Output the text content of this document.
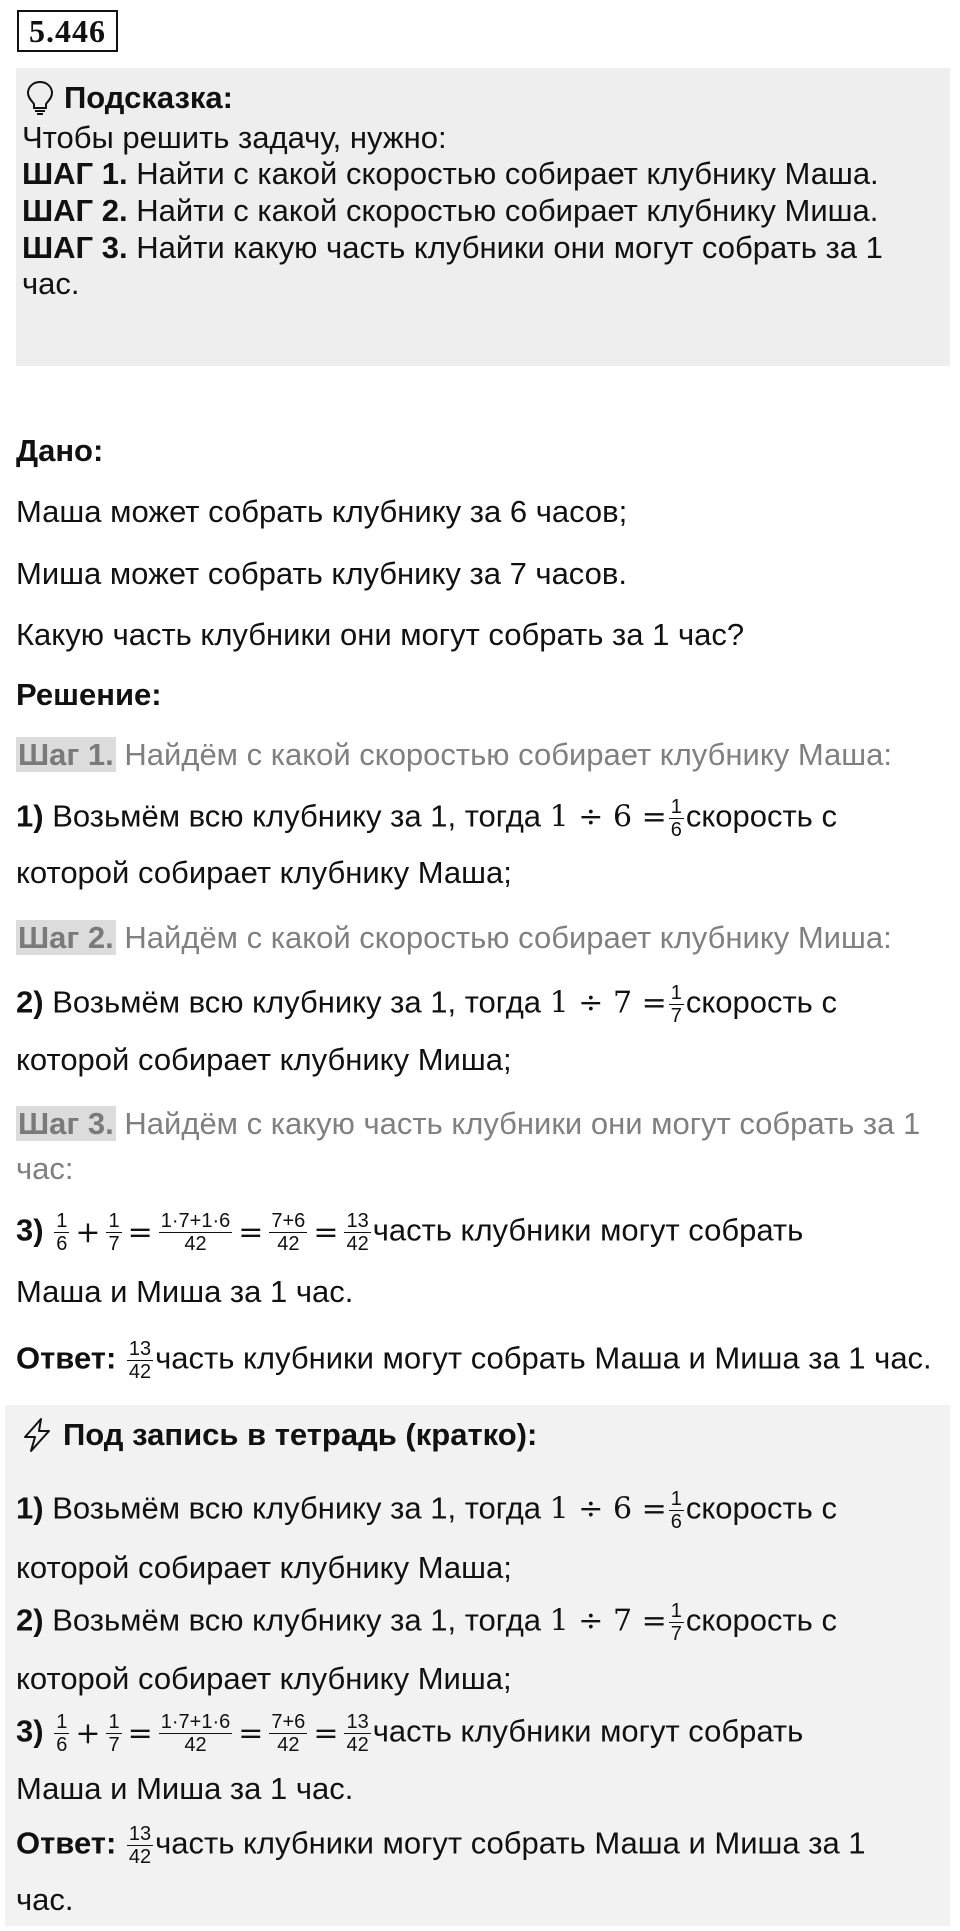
5.446
Подсказка:
Чтобы решить задачу, нужно:
ШАГ 1. Найти с какой скоростью собирает клубнику Маша.
ШАГ 2. Найти с какой скоростью собирает клубнику Миша.
ШАГ 3. Найти какую часть клубники они могут собрать за 1
час.
Дано:
Маша может собрать клубнику за 6 часов;
Миша может собрать клубнику за 7 часов.
Какую часть клубники они могут собрать за 1 час?
Решение:
Шаг 1. Найдём с какой скоростью собирает клубнику Маша:
1) Возьмём всю клубнику за 1, тогда $1 \div 6 = \frac{1}{6}$ скорость с
которой собирает клубнику Маша;
Шаг 2. Найдём с какой скоростью собирает клубнику Миша:
2) Возьмём всю клубнику за 1, тогда $1 \div 7 = \frac{1}{7}$ скорость с
которой собирает клубнику Миша;
Шаг 3. Найдём с какую часть клубники они могут собрать за 1
час:
$3) \frac{1}{6} + \frac{1}{7} = \frac{1\cdot 7+1\cdot 6}{42} = \frac{7+6}{42} = \frac{13}{42}$ часть клубники могут собрать
Маша и Миша за 1 час.
Ответ: $\frac{13}{42}$ часть клубники могут собрать Маша и Миша за 1 час.
Под запись в тетрадь (кратко):
1) Возьмём всю клубнику за 1, тогда $1 \div 6 = \frac{1}{6}$ скорость с
которой собирает клубнику Маша;
2) Возьмём всю клубнику за 1, тогда $1 \div 7 = \frac{1}{7}$ скорость с
которой собирает клубнику Миша;
$3) \frac{1}{6} + \frac{1}{7} = \frac{1\cdot 7+1\cdot 6}{42} = \frac{7+6}{42} = \frac{13}{42}$ часть клубники могут собрать
Маша и Миша за 1 час.
Ответ: $\frac{13}{42}$ часть клубники могут собрать Маша и Миша за 1
час.
